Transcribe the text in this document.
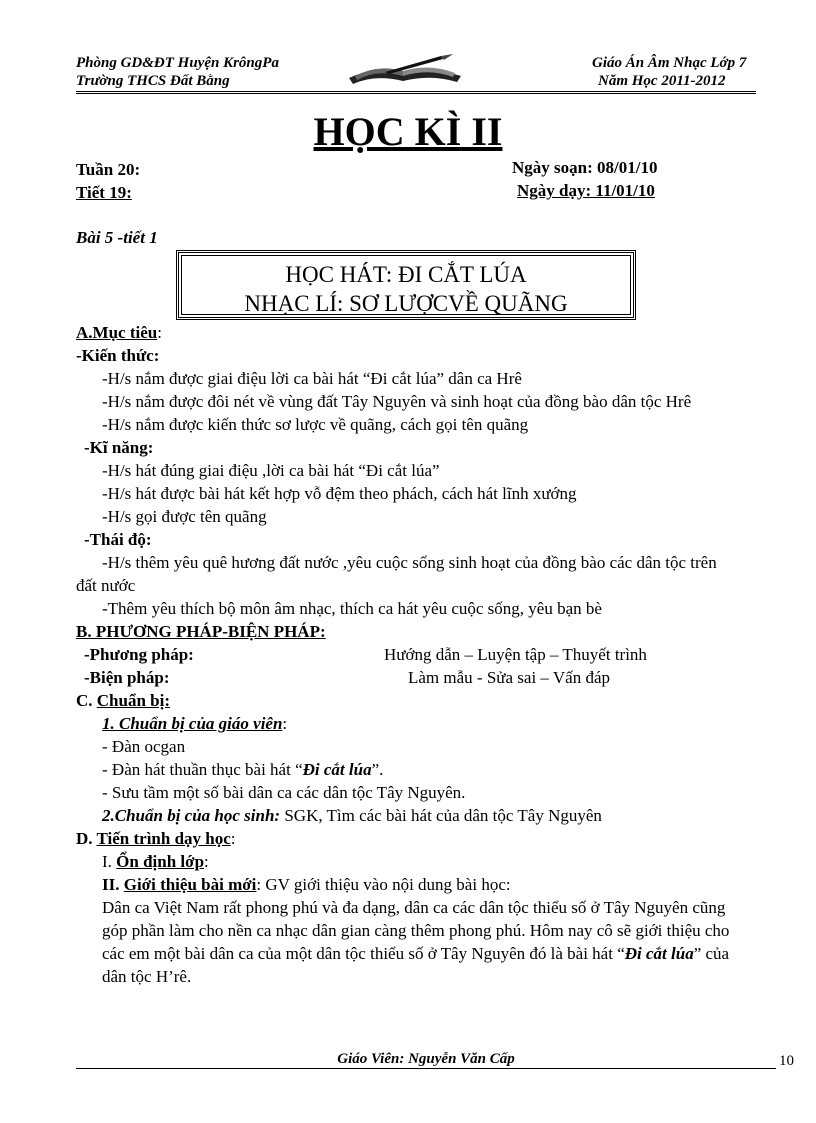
Phòng GD&ĐT Huyện KrôngPa
Trường THCS Đất Bằng
Giáo Án Âm Nhạc Lớp 7
Năm Học 2011-2012
HỌC KÌ II
Tuần 20:
Tiết 19:
Ngày soạn: 08/01/10
Ngày dạy: 11/01/10
Bài 5 -tiết 1
HỌC HÁT: ĐI CẮT LÚA
NHẠC LÍ: SƠ LƯỢCVỀ QUÃNG
A.Mục tiêu:
-Kiến thức:
-H/s nắm được giai điệu lời ca bài hát “Đi cắt lúa” dân ca Hrê
-H/s nắm được đôi nét về vùng đất Tây Nguyên và sinh hoạt của đồng bào dân tộc Hrê
-H/s nắm được kiến thức sơ lược về quãng, cách gọi tên quãng
-Kĩ năng:
-H/s hát đúng giai điệu ,lời ca bài hát “Đi cắt lúa”
-H/s hát được bài hát kết hợp vỗ đệm theo phách, cách hát lĩnh xướng
-H/s gọi được tên quãng
-Thái độ:
-H/s thêm yêu quê hương đất nước ,yêu cuộc sống sinh hoạt của đồng bào các dân tộc trên
đất nước
-Thêm yêu thích bộ môn âm nhạc, thích ca hát yêu cuộc sống, yêu bạn bè
B. PHƯƠNG PHÁP-BIỆN PHÁP:
-Phương pháp:	Hướng dẫn – Luyện tập – Thuyết trình
-Biện pháp:	Làm mẫu - Sửa sai – Vấn đáp
C. Chuẩn bị:
1. Chuẩn bị của giáo viên:
- Đàn ocgan
- Đàn hát thuần thục bài hát “Đi cắt lúa”.
- Sưu tầm một số bài dân ca các dân tộc Tây Nguyên.
2.Chuẩn bị của học sinh: SGK, Tìm các bài hát của dân tộc Tây Nguyên
D. Tiến trình dạy học:
I. Ổn định lớp:
II. Giới thiệu bài mới: GV giới thiệu vào nội dung bài học:
Dân ca Việt Nam rất phong phú và đa dạng, dân ca các dân tộc thiểu số ở Tây Nguyên cũng
góp phần làm cho nền ca nhạc dân gian càng thêm phong phú. Hôm nay cô sẽ giới thiệu cho
các em một bài dân ca của một dân tộc thiểu số ở Tây Nguyên đó là bài hát “Đi cắt lúa” của
dân tộc H’rê.
Giáo Viên: Nguyễn Văn Cấp	10
